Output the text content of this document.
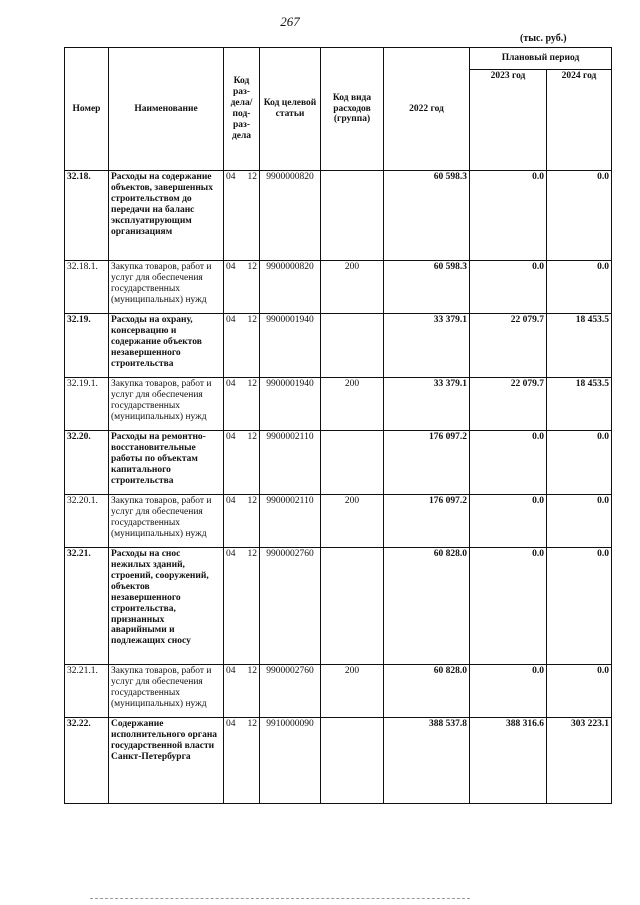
267
(тыс. руб.)
Номер	Наименование	Код раз-дела/ под-раз-дела		Код целевой статьи	Код вида расходов (группа)	2022 год	Плановый период	
							2023 год	2024 год
32.18.	Расходы на содержание объектов, завершенных строительством до передачи на баланс эксплуатирующим организациям	04	12	9900000820		60 598.3	0.0	0.0
32.18.1.	Закупка товаров, работ и услуг для обеспечения государственных (муниципальных) нужд	04	12	9900000820	200	60 598.3	0.0	0.0
32.19.	Расходы на охрану, консервацию и содержание объектов незавершенного строительства	04	12	9900001940		33 379.1	22 079.7	18 453.5
32.19.1.	Закупка товаров, работ и услуг для обеспечения государственных (муниципальных) нужд	04	12	9900001940	200	33 379.1	22 079.7	18 453.5
32.20.	Расходы на ремонтно-восстановительные работы по объектам капитального строительства	04	12	9900002110		176 097.2	0.0	0.0
32.20.1.	Закупка товаров, работ и услуг для обеспечения государственных (муниципальных) нужд	04	12	9900002110	200	176 097.2	0.0	0.0
32.21.	Расходы на снос нежилых зданий, строений, сооружений, объектов незавершенного строительства, признанных аварийными и подлежащих сносу	04	12	9900002760		60 828.0	0.0	0.0
32.21.1.	Закупка товаров, работ и услуг для обеспечения государственных (муниципальных) нужд	04	12	9900002760	200	60 828.0	0.0	0.0
32.22.	Содержание исполнительного органа государственной власти Санкт-Петербурга	04	12	9910000090		388 537.8	388 316.6	303 223.1
